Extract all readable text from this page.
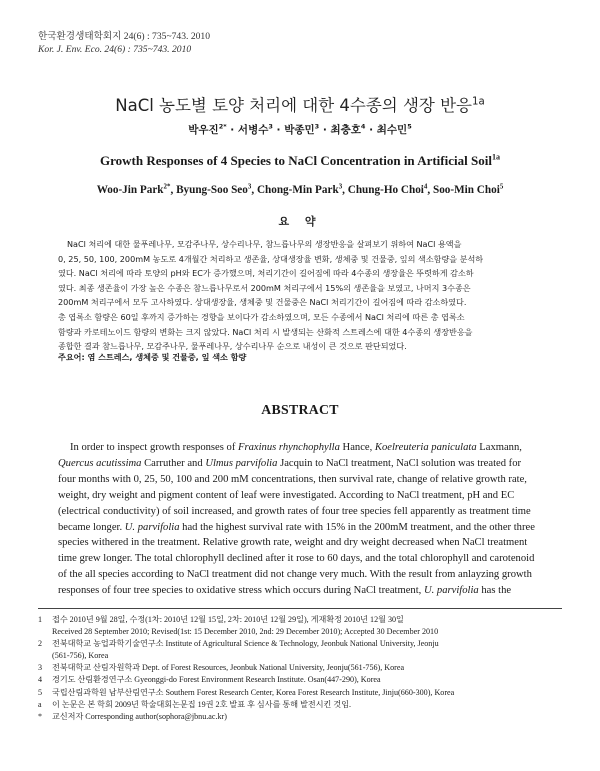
한국환경생태학회지 24(6) : 735~743. 2010
Kor. J. Env. Eco. 24(6) : 735~743. 2010
NaCl 농도별 토양 처리에 대한 4수종의 생장 반응$^{1a}$
박우진$^{2*}$ · 서병수$^3$ · 박종민$^3$ · 최충호$^4$ · 최수민$^5$
Growth Responses of 4 Species to NaCl Concentration in Artificial Soil$^{1a}$
Woo-Jin Park$^{2*}$, Byung-Soo Seo$^3$, Chong-Min Park$^3$, Chung-Ho Choi$^4$, Soo-Min Choi$^5$
요 약
NaCl 처리에 대한 물푸레나무, 모감주나무, 상수리나무, 참느릅나무의 생장반응을 살펴보기 위하여 NaCl 용액을
0, 25, 50, 100, 200mM 농도로 4개월간 처리하고 생존율, 상대생장율 변화, 생체중 및 건물중, 잎의 색소함량을 분석하
였다. NaCl 처리에 따라 토양의 pH와 EC가 증가했으며, 처리기간이 길어짐에 따라 4수종의 생장율은 뚜렷하게 감소하
였다. 최종 생존율이 가장 높은 수종은 참느릅나무로서 200mM 처리구에서 15%의 생존율을 보였고, 나머지 3수종은
200mM 처리구에서 모두 고사하였다. 상대생장율, 생체중 및 건물중은 NaCl 처리기간이 길어짐에 따라 감소하였다.
총 엽록소 함량은 60일 후까지 증가하는 경향을 보이다가 감소하였으며, 모든 수종에서 NaCl 처리에 따른 총 엽록소
함량과 카로테노이드 함량의 변화는 크지 않았다. NaCl 처리 시 발생되는 산화적 스트레스에 대한 4수종의 생장반응을
종합한 결과 참느릅나무, 모감주나무, 물푸레나무, 상수리나무 순으로 내성이 큰 것으로 판단되었다.
주요어: 염 스트레스, 생체중 및 건물중, 잎 색소 함량
ABSTRACT
In order to inspect growth responses of Fraxinus rhynchophylla Hance, Koelreuteria paniculata Laxmann,
Quercus acutissima Carruther and Ulmus parvifolia Jacquin to NaCl treatment, NaCl solution was treated for
four months with 0, 25, 50, 100 and 200 mM concentrations, then survival rate, change of relative growth rate,
weight, dry weight and pigment content of leaf were investigated. According to NaCl treatment, pH and EC
(electrical conductivity) of soil increased, and growth rates of four tree species fell apparently as treatment time
became longer. U. parvifolia had the highest survival rate with 15% in the 200mM treatment, and the other three
species withered in the treatment. Relative growth rate, weight and dry weight decreased when NaCl treatment
time grew longer. The total chlorophyll declined after it rose to 60 days, and the total chlorophyll and carotenoid
of the all species according to NaCl treatment did not change very much. With the result from anlayzing growth
responses of four tree species to oxidative stress which occurs during NaCl treatment, U. parvifolia has the
1	접수 2010년 9월 28일, 수정(1차: 2010년 12월 15일, 2차: 2010년 12월 29일), 게재확정 2010년 12월 30일
Received 28 September 2010; Revised(1st: 15 December 2010, 2nd: 29 December 2010); Accepted 30 December 2010
2	전북대학교 농업과학기술연구소 Institute of Agricultural Science & Technology, Jeonbuk National University, Jeonju
(561-756), Korea
3	전북대학교 산림자원학과 Dept. of Forest Resources, Jeonbuk National University, Jeonju(561-756), Korea
4	경기도 산림환경연구소 Gyeonggi-do Forest Environment Research Institute. Osan(447-290), Korea
5	국립산림과학원 남부산림연구소 Southern Forest Research Center, Korea Forest Research Institute, Jinju(660-300), Korea
a	이 논문은 본 학회 2009년 학술대회논문집 19권 2호 발표 후 심사를 통해 발전시킨 것임.
*	교신저자 Corresponding author(sophora@jbnu.ac.kr)
